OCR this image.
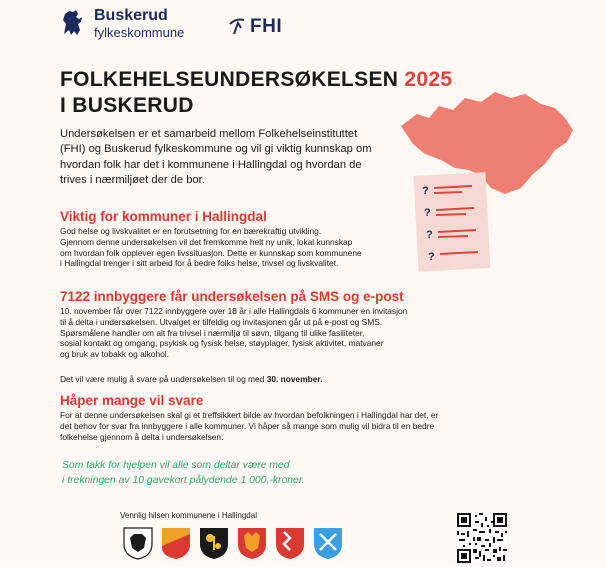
Buskerud
fylkeskommune	FHI
FOLKEHELSEUNDERSØKELSEN 2025
I BUSKERUD
Undersøkelsen er et samarbeid mellom Folkehelseinstituttet
(FHI) og Buskerud fylkeskommune og vil gi viktig kunnskap om
hvordan folk har det i kommunene i Hallingdal og hvordan de
trives i nærmiljøet der de bor.
?
?
?
?
Viktig for kommuner i Hallingdal
God helse og livskvalitet er en forutsetning for en bærekraftig utvikling.
Gjennom denne undersøkelsen vil det fremkomme helt ny unik, lokal kunnskap
om hvordan folk opplever egen livssituasjon. Dette er kunnskap som kommunene
i Hallingdal trenger i sitt arbeid for å bedre folks helse, trivsel og livskvalitet.
7122 innbyggere får undersøkelsen på SMS og e-post
10. november får over 7122 innbyggere over 18 år i alle Hallingdals 6 kommuner en invitasjon
til å delta i undersøkelsen. Utvalget er tilfeldig og invitasjonen går ut på e-post og SMS.
Spørsmålene handler om alt fra trivsel i nærmiljø til søvn, tilgang til ulike fasiliteter,
sosial kontakt og omgang, psykisk og fysisk helse, støyplager, fysisk aktivitet, matvaner
og bruk av tobakk og alkohol.
Det vil være mulig å svare på undersøkelsen til og med 30. november.
Håper mange vil svare
For at denne undersøkelsen skal gi et treffsikkert bilde av hvordan befolkningen i Hallingdal har det, er
det behov for svar fra innbyggere i alle kommuner. Vi håper så mange som mulig vil bidra til en bedre
folkehelse gjennom å delta i undersøkelsen.
Som takk for hjelpen vil alle som deltar være med
i trekningen av 10 gavekort pålydende 1 000,-kroner.
Vennlig hilsen kommunene i Hallingdal
